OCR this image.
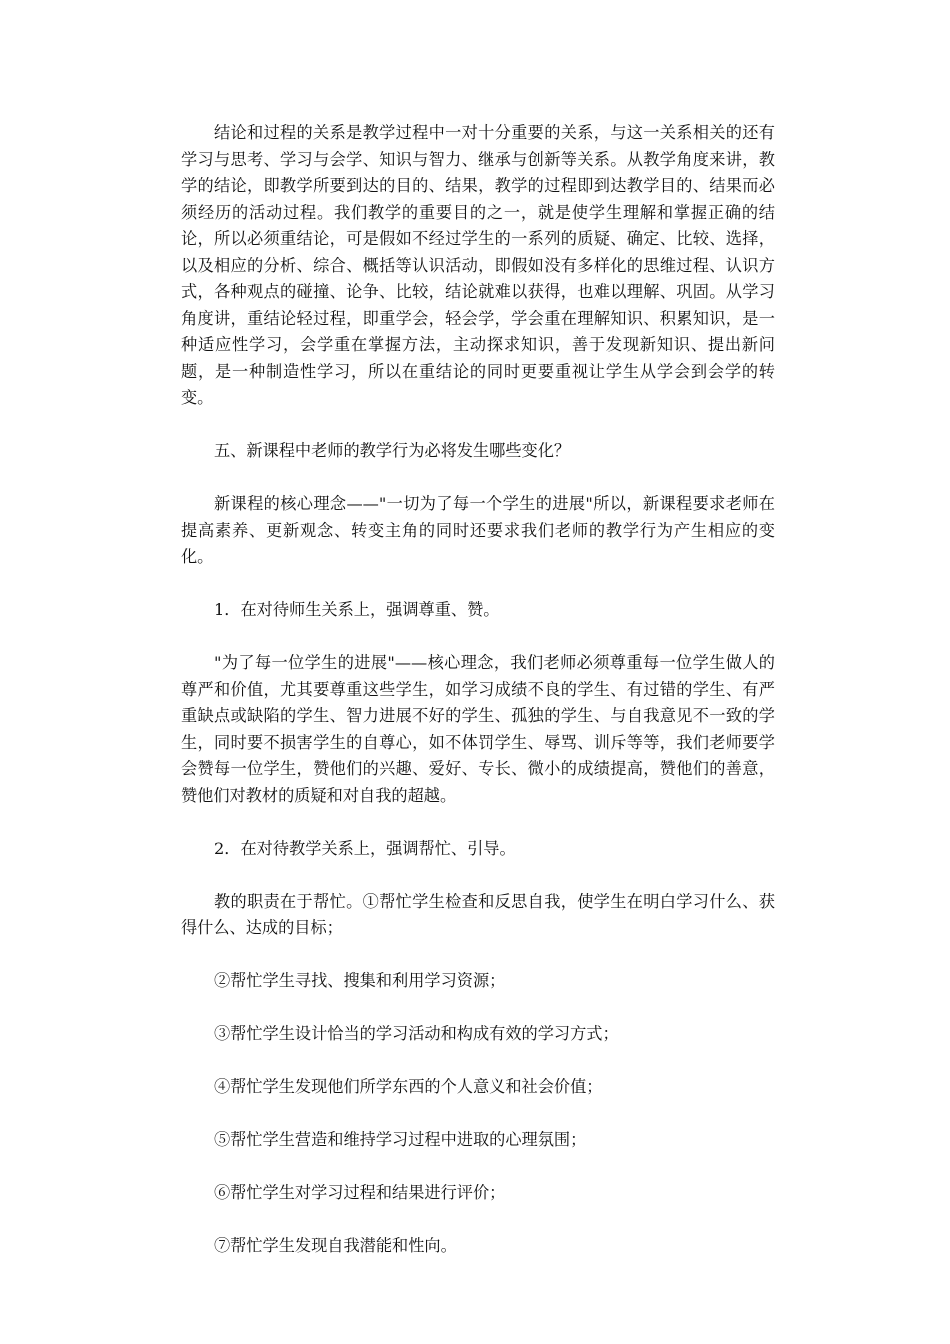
结论和过程的关系是教学过程中一对十分重要的关系，与这一关系相关的还有学习与思考、学习与会学、知识与智力、继承与创新等关系。从教学角度来讲，教学的结论，即教学所要到达的目的、结果，教学的过程即到达教学目的、结果而必须经历的活动过程。我们教学的重要目的之一，就是使学生理解和掌握正确的结论，所以必须重结论，可是假如不经过学生的一系列的质疑、确定、比较、选择，以及相应的分析、综合、概括等认识活动，即假如没有多样化的思维过程、认识方式，各种观点的碰撞、论争、比较，结论就难以获得，也难以理解、巩固。从学习角度讲，重结论轻过程，即重学会，轻会学，学会重在理解知识、积累知识，是一种适应性学习，会学重在掌握方法，主动探求知识，善于发现新知识、提出新问题，是一种制造性学习，所以在重结论的同时更要重视让学生从学会到会学的转变。

五、新课程中老师的教学行为必将发生哪些变化？

新课程的核心理念——"一切为了每一个学生的进展"所以，新课程要求老师在提高素养、更新观念、转变主角的同时还要求我们老师的教学行为产生相应的变化。

1．在对待师生关系上，强调尊重、赞。

"为了每一位学生的进展"——核心理念，我们老师必须尊重每一位学生做人的尊严和价值，尤其要尊重这些学生，如学习成绩不良的学生、有过错的学生、有严重缺点或缺陷的学生、智力进展不好的学生、孤独的学生、与自我意见不一致的学生，同时要不损害学生的自尊心，如不体罚学生、辱骂、训斥等等，我们老师要学会赞每一位学生，赞他们的兴趣、爱好、专长、微小的成绩提高，赞他们的善意，赞他们对教材的质疑和对自我的超越。

2．在对待教学关系上，强调帮忙、引导。

教的职责在于帮忙。①帮忙学生检查和反思自我，使学生在明白学习什么、获得什么、达成的目标；

②帮忙学生寻找、搜集和利用学习资源；

③帮忙学生设计恰当的学习活动和构成有效的学习方式；

④帮忙学生发现他们所学东西的个人意义和社会价值；

⑤帮忙学生营造和维持学习过程中进取的心理氛围；

⑥帮忙学生对学习过程和结果进行评价；

⑦帮忙学生发现自我潜能和性向。
